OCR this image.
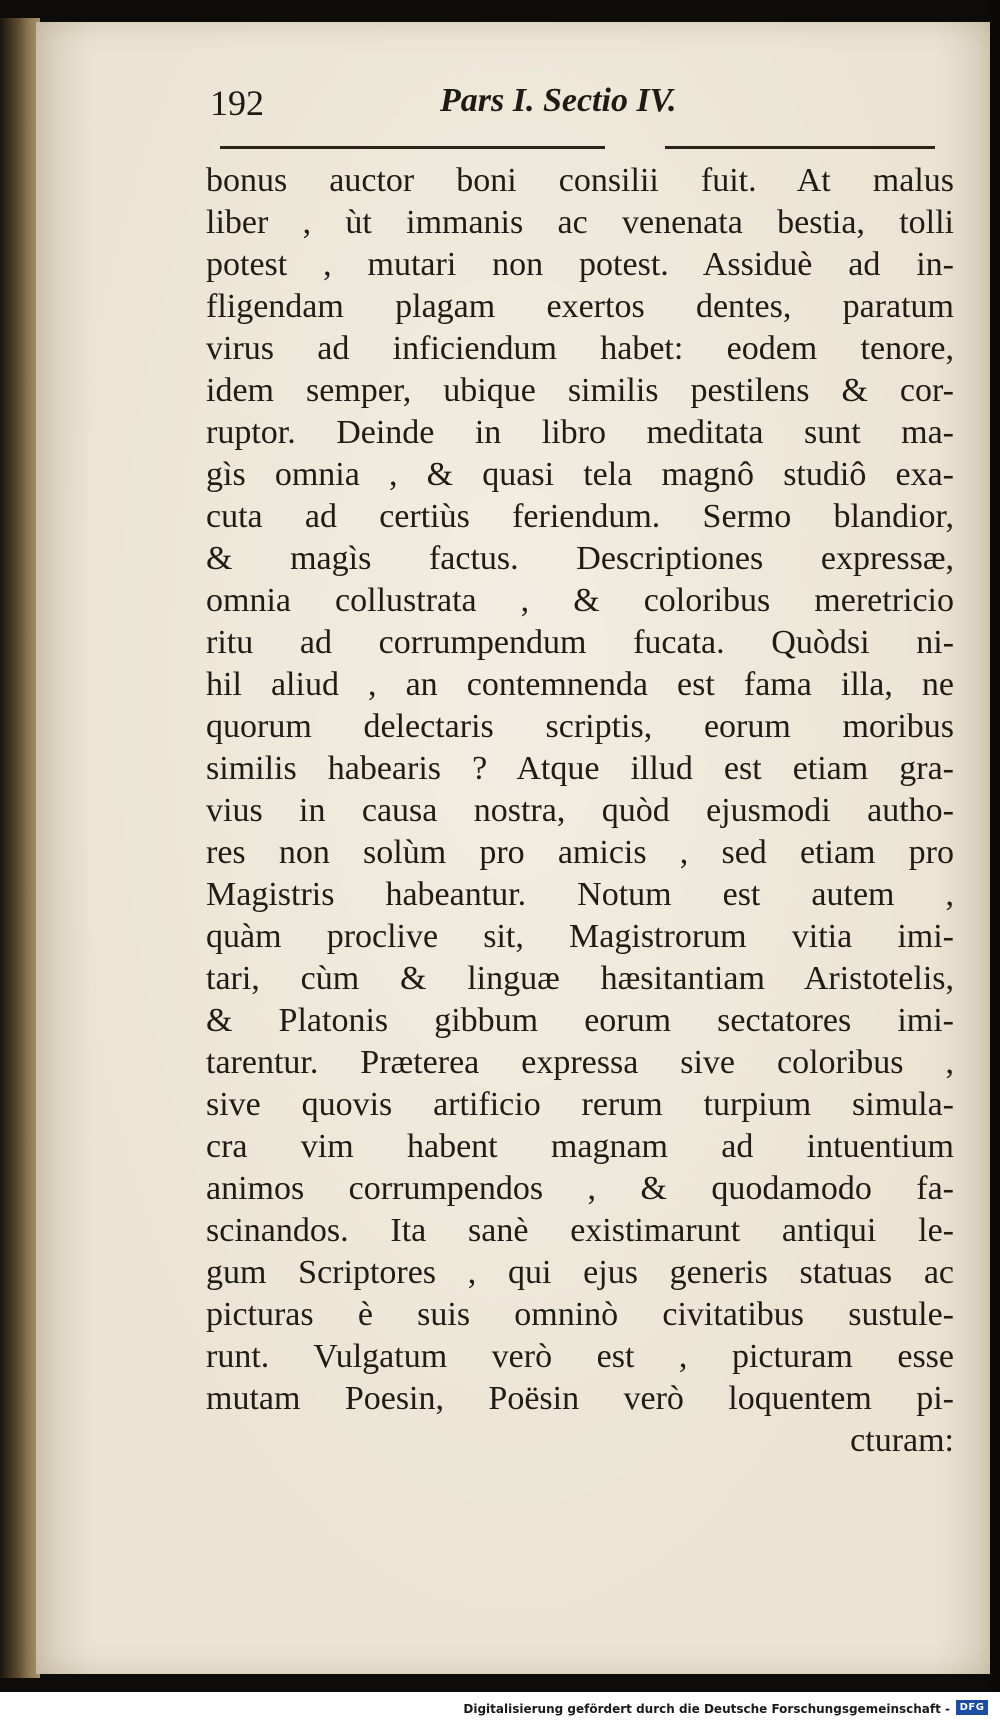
192	Pars I. Sectio IV.
bonus auctor boni consilii fuit. At malus
liber , ùt immanis ac venenata bestia, tolli
potest , mutari non potest. Assiduè ad in-
fligendam plagam exertos dentes, paratum
virus ad inficiendum habet: eodem tenore,
idem semper, ubique similis pestilens & cor-
ruptor. Deinde in libro meditata sunt ma-
gìs omnia , & quasi tela magnô studiô exa-
cuta ad certiùs feriendum. Sermo blandior,
& magìs factus. Descriptiones expressæ,
omnia collustrata , & coloribus meretricio
ritu ad corrumpendum fucata. Quòdsi ni-
hil aliud , an contemnenda est fama illa, ne
quorum delectaris scriptis, eorum moribus
similis habearis ? Atque illud est etiam gra-
vius in causa nostra, quòd ejusmodi autho-
res non solùm pro amicis , sed etiam pro
Magistris habeantur. Notum est autem ,
quàm proclive sit, Magistrorum vitia imi-
tari, cùm & linguæ hæsitantiam Aristotelis,
& Platonis gibbum eorum sectatores imi-
tarentur. Præterea expressa sive coloribus ,
sive quovis artificio rerum turpium simula-
cra vim habent magnam ad intuentium
animos corrumpendos , & quodamodo fa-
scinandos. Ita sanè existimarunt antiqui le-
gum Scriptores , qui ejus generis statuas ac
picturas è suis omninò civitatibus sustule-
runt. Vulgatum verò est , picturam esse
mutam Poesin, Poësin verò loquentem pi-
cturam:
Digitalisierung gefördert durch die Deutsche Forschungsgemeinschaft - DFG
